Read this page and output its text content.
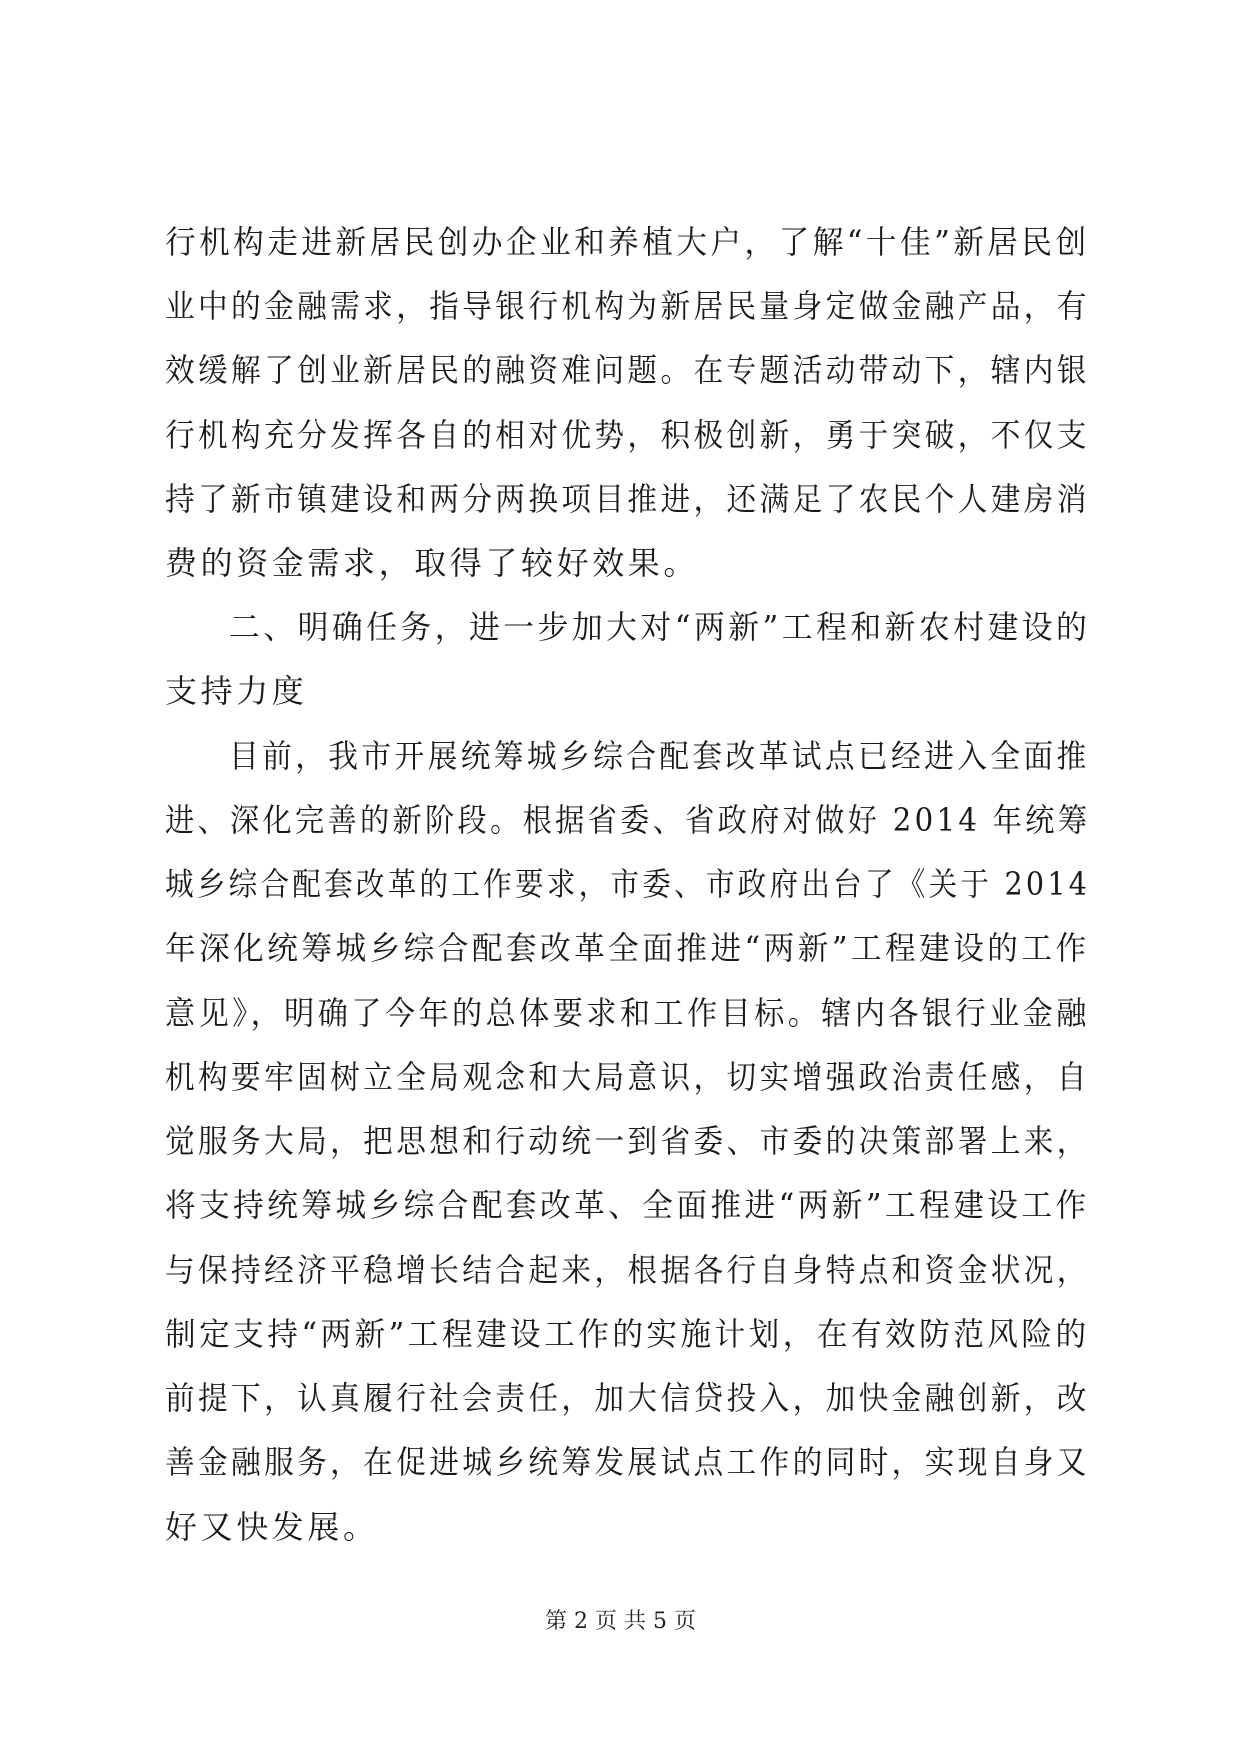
行机构走进新居民创办企业和养植大户，了解“十佳”新居民创
业中的金融需求，指导银行机构为新居民量身定做金融产品，有
效缓解了创业新居民的融资难问题。在专题活动带动下，辖内银
行机构充分发挥各自的相对优势，积极创新，勇于突破，不仅支
持了新市镇建设和两分两换项目推进，还满足了农民个人建房消
费的资金需求，取得了较好效果。
二、明确任务，进一步加大对“两新”工程和新农村建设的
支持力度
目前，我市开展统筹城乡综合配套改革试点已经进入全面推
进、深化完善的新阶段。根据省委、省政府对做好 2014 年统筹
城乡综合配套改革的工作要求，市委、市政府出台了《关于 2014
年深化统筹城乡综合配套改革全面推进“两新”工程建设的工作
意见》，明确了今年的总体要求和工作目标。辖内各银行业金融
机构要牢固树立全局观念和大局意识，切实增强政治责任感，自
觉服务大局，把思想和行动统一到省委、市委的决策部署上来，
将支持统筹城乡综合配套改革、全面推进“两新”工程建设工作
与保持经济平稳增长结合起来，根据各行自身特点和资金状况，
制定支持“两新”工程建设工作的实施计划，在有效防范风险的
前提下，认真履行社会责任，加大信贷投入，加快金融创新，改
善金融服务，在促进城乡统筹发展试点工作的同时，实现自身又
好又快发展。
第 2 页 共 5 页
